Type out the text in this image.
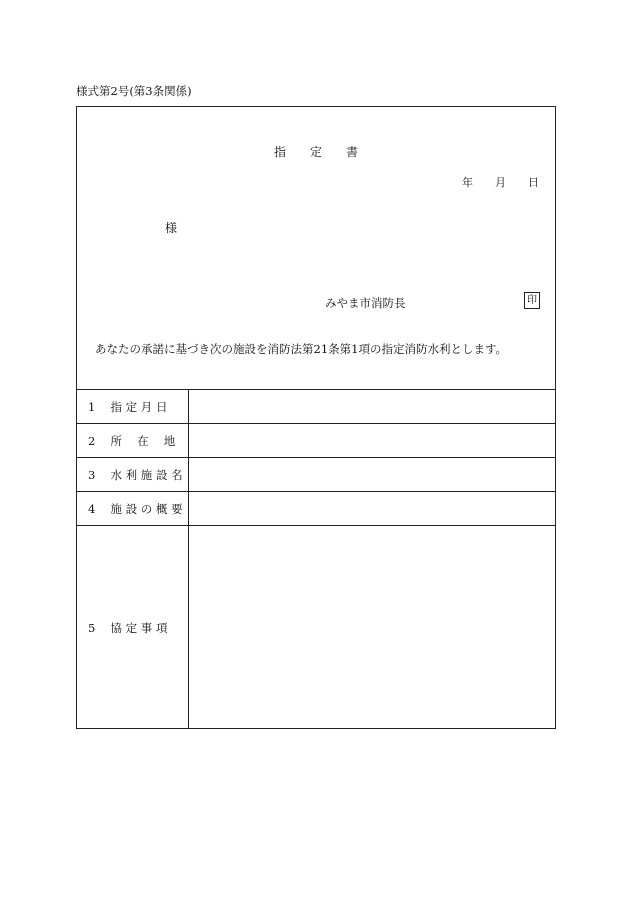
様式第2号(第3条関係)
指　　定　　書
年　　月　　日
様
みやま市消防長	印
あなたの承諾に基づき次の施設を消防法第21条第1項の指定消防水利とします。
1　 指 定 月 日
2　 所　 在　 地
3　 水 利 施 設 名
4　 施 設 の 概 要
5　 協 定 事 項
